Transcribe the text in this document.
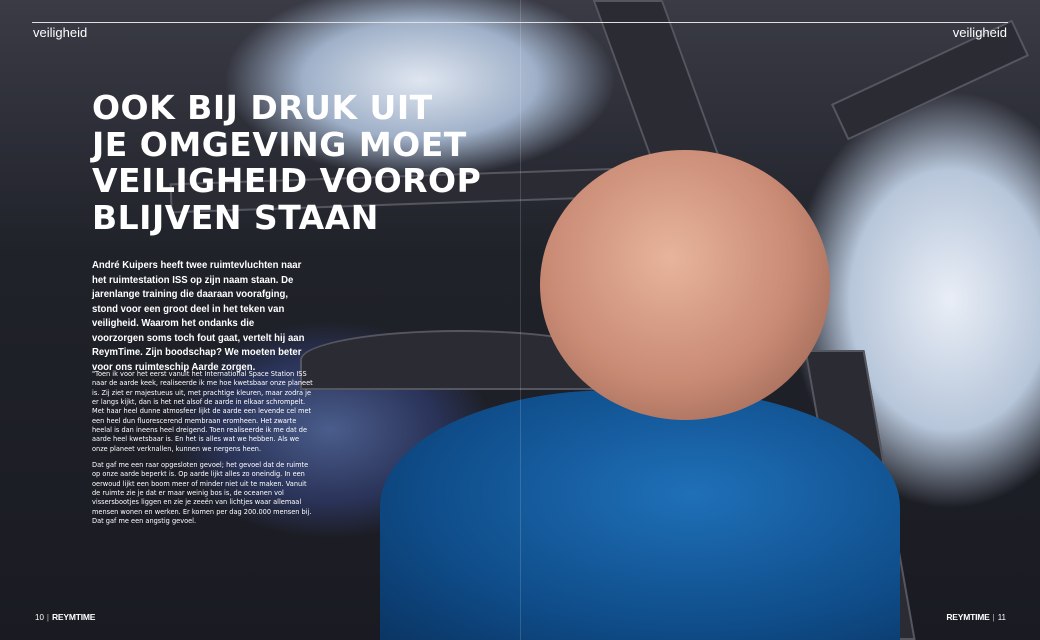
veiligheid	veiligheid
OOK BIJ DRUK UIT
JE OMGEVING MOET
VEILIGHEID VOOROP
BLIJVEN STAAN
André Kuipers heeft twee ruimtevluchten naar het ruimtestation ISS op zijn naam staan. De jarenlange training die daaraan voorafging, stond voor een groot deel in het teken van veiligheid. Waarom het ondanks die voorzorgen soms toch fout gaat, vertelt hij aan ReymTime. Zijn boodschap? We moeten beter voor ons ruimteschip Aarde zorgen.
"Toen ik voor het eerst vanuit het International Space Station ISS naar de aarde keek, realiseerde ik me hoe kwetsbaar onze planeet is. Zij ziet er majestueus uit, met prachtige kleuren, maar zodra je er langs kijkt, dan is het net alsof de aarde in elkaar schrompelt. Met haar heel dunne atmosfeer lijkt de aarde een levende cel met een heel dun fluorescerend membraan eromheen. Het zwarte heelal is dan ineens heel dreigend. Toen realiseerde ik me dat de aarde heel kwetsbaar is. En het is alles wat we hebben. Als we onze planeet verknallen, kunnen we nergens heen.
Dat gaf me een raar opgesloten gevoel; het gevoel dat de ruimte op onze aarde beperkt is. Op aarde lijkt alles zo oneindig. In een oerwoud lijkt een boom meer of minder niet uit te maken. Vanuit de ruimte zie je dat er maar weinig bos is, de oceanen vol vissersbootjes liggen en zie je zeeën van lichtjes waar allemaal mensen wonen en werken. Er komen per dag 200.000 mensen bij. Dat gaf me een angstig gevoel.
10 | REYMTIME	REYMTIME | 11
